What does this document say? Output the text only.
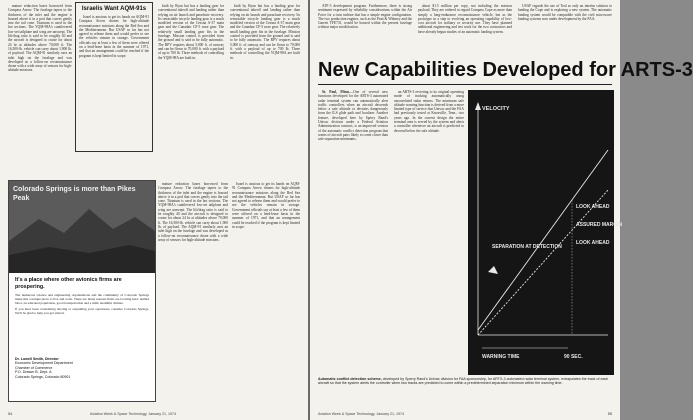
mature reduction bases borrowed from Compass Arrow. The fuselage tapers to the thickness of the inlet and the engine is housed above it in a pod that curves gently into the tail cone. Titanium is used in the hot sections. The YQM-98A's cantilevered low-set tailplane and wing are unswept. The lift/drag ratio is said to be roughly 40 and the aircraft is designed to cruise for about 24 hr at altitudes above 70,000 ft. The 16,500-lb. vehicle can carry about 1,900 lb. of payload. The AQM-91 similarly uses an inlet high on the fuselage and was developed as a follow-on reconnaissance drone with a wide array of sensors for high-altitude missions.

Israelis Want AQM-91s

Israel is anxious to get its hands on AQM-91 Compass Arrow drones for high-altitude reconnaissance missions along the Red Sea and the Mediterranean. But USAF so far has not agreed to release them and would prefer to see the vehicles remain in storage. Government officials say at least a few of them were offered on a lend-lease basis in the summer of 1971, and that an arrangement could be reached if the program is kept limited in scope.

built by Ryan but has a landing gear for conventional takeoff and landing rather than relying on air launch and parachute recovery. Its retractable tricycle landing gear is a much modified version of the Cessna A-37 main gear and the Canadair CF-5 nose gear. The relatively small landing gear fits in the fuselage. Mission control is provided from the ground and is said to be fully automatic. The RPV requires about 5,000 ft. of runway and can be flown to 70,000 ft. with a payload of up to 700 lb. Three methods of controlling the YQM-98A are built in.

built by Ryan but has a landing gear for conventional takeoff and landing rather than relying on air launch and parachute recovery. Its retractable tricycle landing gear is a much modified version of the Cessna A-37 main gear and the Canadair CF-5 nose gear. The relatively small landing gear fits in the fuselage. Mission control is provided from the ground and is said to be fully automatic. The RPV requires about 5,000 ft. of runway and can be flown to 70,000 ft. with a payload of up to 700 lb. Three methods of controlling the YQM-98A are built in.

mature reduction bases borrowed from Compass Arrow. The fuselage tapers to the thickness of the inlet and the engine is housed above it in a pod that curves gently into the tail cone. Titanium is used in the hot sections. The YQM-98A's cantilevered low-set tailplane and wing are unswept. The lift/drag ratio is said to be roughly 40 and the aircraft is designed to cruise for about 24 hr at altitudes above 70,000 ft. The 16,500-lb. vehicle can carry about 1,900 lb. of payload. The AQM-91 similarly uses an inlet high on the fuselage and was developed as a follow-on reconnaissance drone with a wide array of sensors for high-altitude missions.

Israel is anxious to get its hands on AQM-91 Compass Arrow drones for high-altitude reconnaissance missions along the Red Sea and the Mediterranean. But USAF so far has not agreed to release them and would prefer to see the vehicles remain in storage. Government officials say at least a few of them were offered on a lend-lease basis in the summer of 1971, and that an arrangement could be reached if the program is kept limited in scope.

Colorado Springs is more than Pikes Peak
It's a place where other avionics firms are prospering.

The numerous science and engineering organizations and the community of Colorado Springs make this a unique place to live and work. There are many reasons firms are locating here: skilled labor, an educated population, good transportation and a mild, healthful climate.

If you have been considering moving or expanding your operations, consider Colorado Springs. We'll be glad to help you get started.

Dr. Lowell Smith, Director
Economic Development Department
Chamber of Commerce
P.O. Drawer B, Dept. A
Colorado Springs, Colorado 80901
54	Aviation Week & Space Technology, January 21, 1974

ATF-3 development program. Furthermore, there is strong sentiment expressed by reliability considerations within the Air Force for a twin turbine that has a simple engine configuration. The two production engines, such as the Pratt & Whitney and the Garrett TFE731, would be housed within the present fuselage without major modification.

about $1.5 million per copy, not including the mission payload. They are ordered to regard Compass Cope as more than simply a long-endurance reconnaissance vehicle, but as the prototype in a step to evolving an operating capability of low-cost aircraft for military or security use. They have planned additional engineering and test work for the two contractors and have already begun studies of an automatic landing system.

USAF regards the use of Teal as only an interim solution to landing the Cope and is exploring a new system. The automatic landing system would be compatible with the civil microwave landing systems now under development by the FAA.

New Capabilities Developed for ARTS-3

St. Paul, Minn.—One of several new functions developed for the ARTS-3 automated radar terminal system can automatically alert traffic controllers when an aircraft descends below a safe altitude or deviates dangerously from the ILS glide path and localizer. Another feature, developed here by Sperry Rand's Univac division under a Federal Aviation Administration contract, is an improved version of the automatic conflict detection program that warns of aircraft pairs likely to come closer than safe separation minimums.

an ARTS-3 reverting to its original operating mode of tracking automatically using uncorrelated radar returns. The minimum safe altitude warning function is derived from a more limited type of service that Univac and the FAA had previously tested at Knoxville, Tenn., two years ago. In the current design the entire terminal area is served by the system and alerts a controller whenever an aircraft is predicted to descend below the safe altitude.

VELOCITY
SEPARATION AT DETECTION
LOOK AHEAD
ASSURED MARGIN
LOOK AHEAD
WARNING TIME	90 SEC.
Automatic conflict detection scheme, developed by Sperry Rand's Univac division for FAA sponsorship, for ARTS-3 automated radar terminal system, extrapolates the track of each aircraft so that the system alerts the controller when two tracks are predicted to come within a predetermined separation minimum within the warning time.
Aviation Week & Space Technology, January 21, 1974	55
